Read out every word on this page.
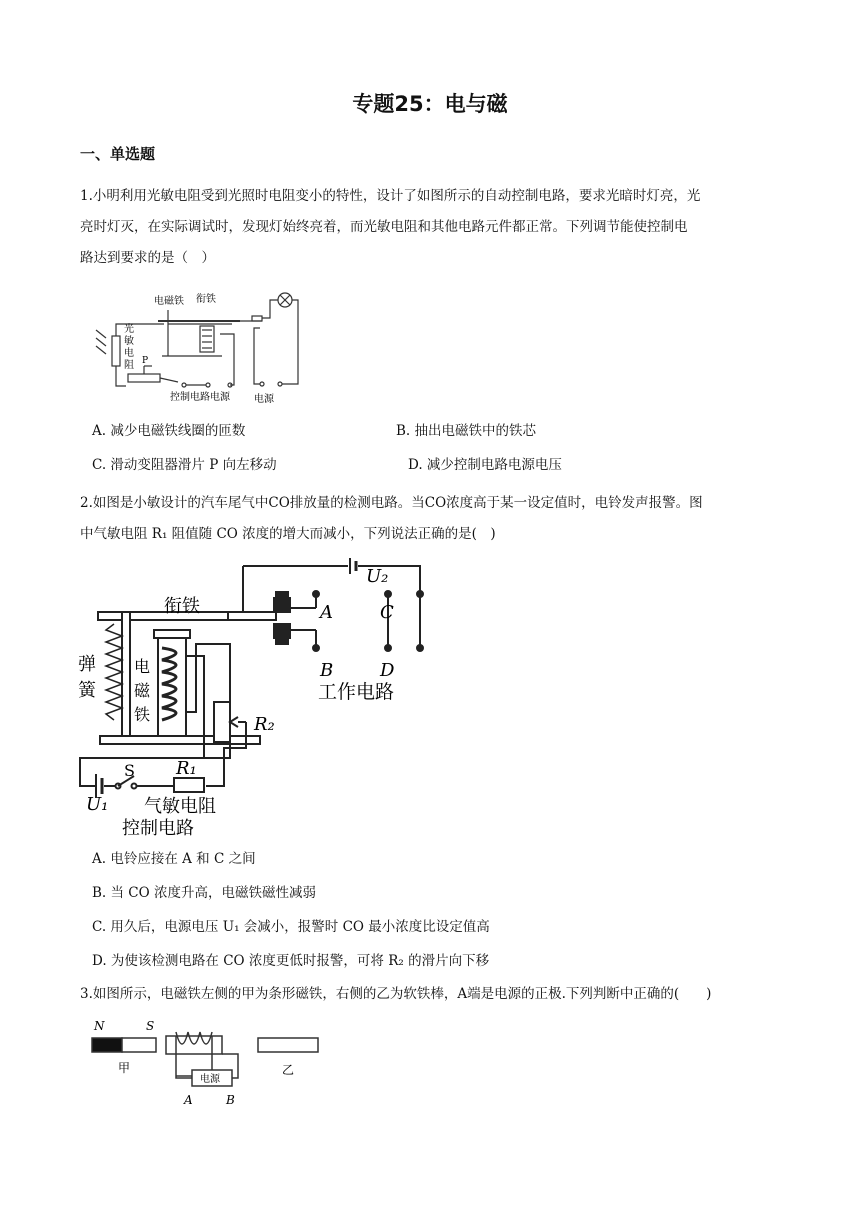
专题25：电与磁
一、单选题
1.小明利用光敏电阻受到光照时电阻变小的特性，设计了如图所示的自动控制电路，要求光暗时灯亮，光
亮时灯灭，在实际调试时，发现灯始终亮着，而光敏电阻和其他电路元件都正常。下列调节能使控制电
路达到要求的是（　）
电磁铁 衔铁
光
敏
电
阻 P
控制电路电源 电源
A. 减少电磁铁线圈的匝数	B. 抽出电磁铁中的铁芯
C. 滑动变阻器滑片 P 向左移动	D. 减少控制电路电源电压
2.如图是小敏设计的汽车尾气中CO排放量的检测电路。当CO浓度高于某一设定值时，电铃发声报警。图
中气敏电阻 R₁ 阻值随 CO 浓度的增大而减小，下列说法正确的是(　)
U₂
衔铁	A	C
B	D
弹
簧
电
磁
铁	R₂
工作电路
S R₁
U₁ 气敏电阻
控制电路
A. 电铃应接在 A 和 C 之间
B. 当 CO 浓度升高，电磁铁磁性减弱
C. 用久后，电源电压 U₁ 会减小，报警时 CO 最小浓度比设定值高
D. 为使该检测电路在 CO 浓度更低时报警，可将 R₂ 的滑片向下移
3.如图所示，电磁铁左侧的甲为条形磁铁，右侧的乙为软铁棒，A端是电源的正极.下列判断中正确的(　　)
N	S
甲	乙
电源
A	B
